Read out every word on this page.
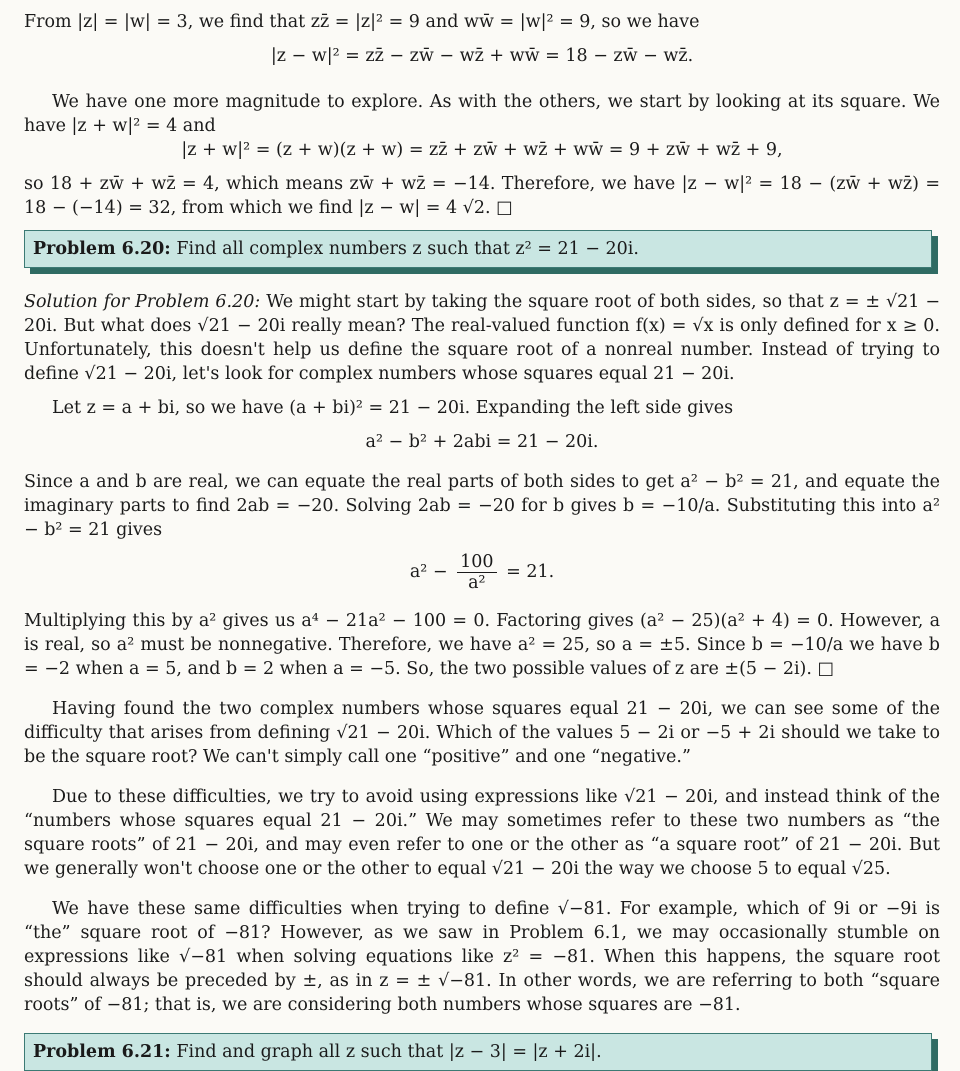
From |z| = |w| = 3, we find that zz̄ = |z|² = 9 and ww̄ = |w|² = 9, so we have

|z − w|² = zz̄ − zw̄ − wz̄ + ww̄ = 18 − zw̄ − wz̄.

We have one more magnitude to explore. As with the others, we start by looking at its square. We have |z + w|² = 4 and

|z + w|² = (z + w)(z + w) = zz̄ + zw̄ + wz̄ + ww̄ = 9 + zw̄ + wz̄ + 9,

so 18 + zw̄ + wz̄ = 4, which means zw̄ + wz̄ = −14. Therefore, we have |z − w|² = 18 − (zw̄ + wz̄) = 18 − (−14) = 32, from which we find |z − w| = 4 √2. □

Problem 6.20: Find all complex numbers z such that z² = 21 − 20i.

Solution for Problem 6.20: We might start by taking the square root of both sides, so that z = ± √21 − 20i. But what does √21 − 20i really mean? The real-valued function f(x) = √x is only defined for x ≥ 0. Unfortunately, this doesn't help us define the square root of a nonreal number. Instead of trying to define √21 − 20i, let's look for complex numbers whose squares equal 21 − 20i.

Let z = a + bi, so we have (a + bi)² = 21 − 20i. Expanding the left side gives

a² − b² + 2abi = 21 − 20i.

Since a and b are real, we can equate the real parts of both sides to get a² − b² = 21, and equate the imaginary parts to find 2ab = −20. Solving 2ab = −20 for b gives b = −10/a. Substituting this into a² − b² = 21 gives

$a^2 - \frac{100}{\text{a²}} = 21$.

Multiplying this by a² gives us a⁴ − 21a² − 100 = 0. Factoring gives (a² − 25)(a² + 4) = 0. However, a is real, so a² must be nonnegative. Therefore, we have a² = 25, so a = ±5. Since b = −10/a we have b = −2 when a = 5, and b = 2 when a = −5. So, the two possible values of z are ±(5 − 2i). □

Having found the two complex numbers whose squares equal 21 − 20i, we can see some of the difficulty that arises from defining √21 − 20i. Which of the values 5 − 2i or −5 + 2i should we take to be the square root? We can't simply call one “positive” and one “negative.”

Due to these difficulties, we try to avoid using expressions like √21 − 20i, and instead think of the “numbers whose squares equal 21 − 20i.” We may sometimes refer to these two numbers as “the square roots” of 21 − 20i, and may even refer to one or the other as “a square root” of 21 − 20i. But we generally won't choose one or the other to equal √21 − 20i the way we choose 5 to equal √25.

We have these same difficulties when trying to define √−81. For example, which of 9i or −9i is “the” square root of −81? However, as we saw in Problem 6.1, we may occasionally stumble on expressions like √−81 when solving equations like z² = −81. When this happens, the square root should always be preceded by ±, as in z = ± √−81. In other words, we are referring to both “square roots” of −81; that is, we are considering both numbers whose squares are −81.

Problem 6.21: Find and graph all z such that |z − 3| = |z + 2i|.
